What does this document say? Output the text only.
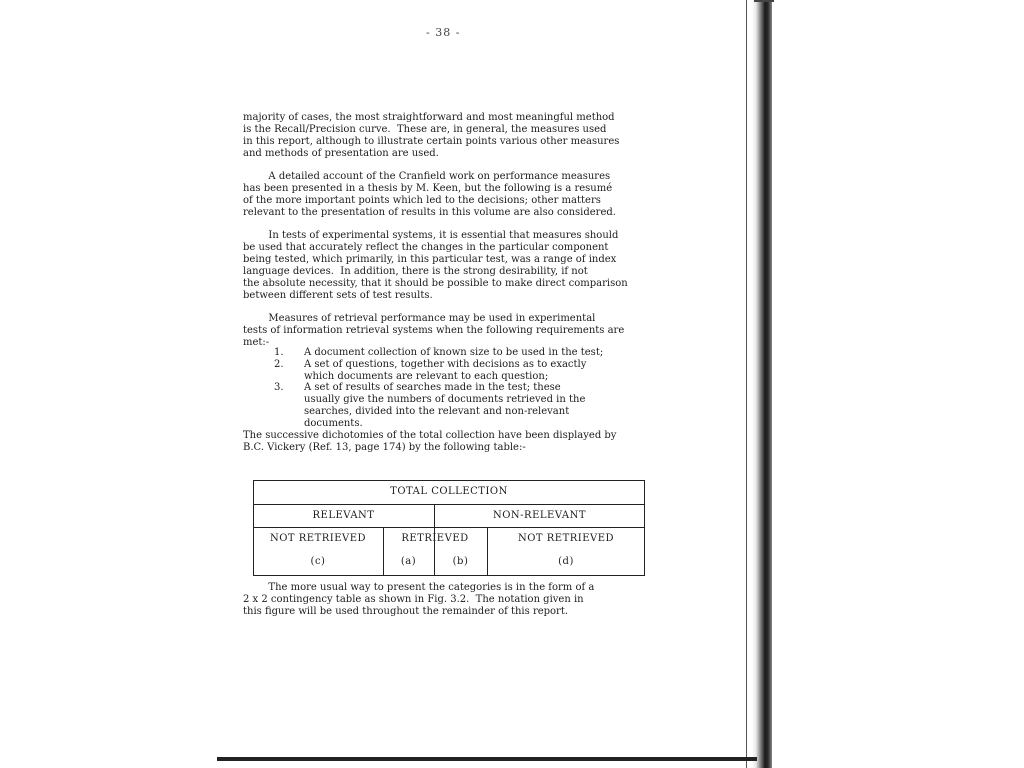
- 38 -
majority of cases, the most straightforward and most meaningful method
is the Recall/Precision curve.  These are, in general, the measures used
in this report, although to illustrate certain points various other measures
and methods of presentation are used.
A detailed account of the Cranfield work on performance measures
has been presented in a thesis by M. Keen, but the following is a resumé
of the more important points which led to the decisions; other matters
relevant to the presentation of results in this volume are also considered.
In tests of experimental systems, it is essential that measures should
be used that accurately reflect the changes in the particular component
being tested, which primarily, in this particular test, was a range of index
language devices.  In addition, there is the strong desirability, if not
the absolute necessity, that it should be possible to make direct comparison
between different sets of test results.
Measures of retrieval performance may be used in experimental
tests of information retrieval systems when the following requirements are
met:-
1. A document collection of known size to be used in the test;
2. A set of questions, together with decisions as to exactly
which documents are relevant to each question;
3. A set of results of searches made in the test; these
usually give the numbers of documents retrieved in the
searches, divided into the relevant and non-relevant
documents.
The successive dichotomies of the total collection have been displayed by
B.C. Vickery (Ref. 13, page 174) by the following table:-
TOTAL COLLECTION
RELEVANT	NON-RELEVANT
NOT RETRIEVED	RETRIEVED	NOT RETRIEVED
(c)	(a)	(b)	(d)
The more usual way to present the categories is in the form of a
2 x 2 contingency table as shown in Fig. 3.2.  The notation given in
this figure will be used throughout the remainder of this report.
